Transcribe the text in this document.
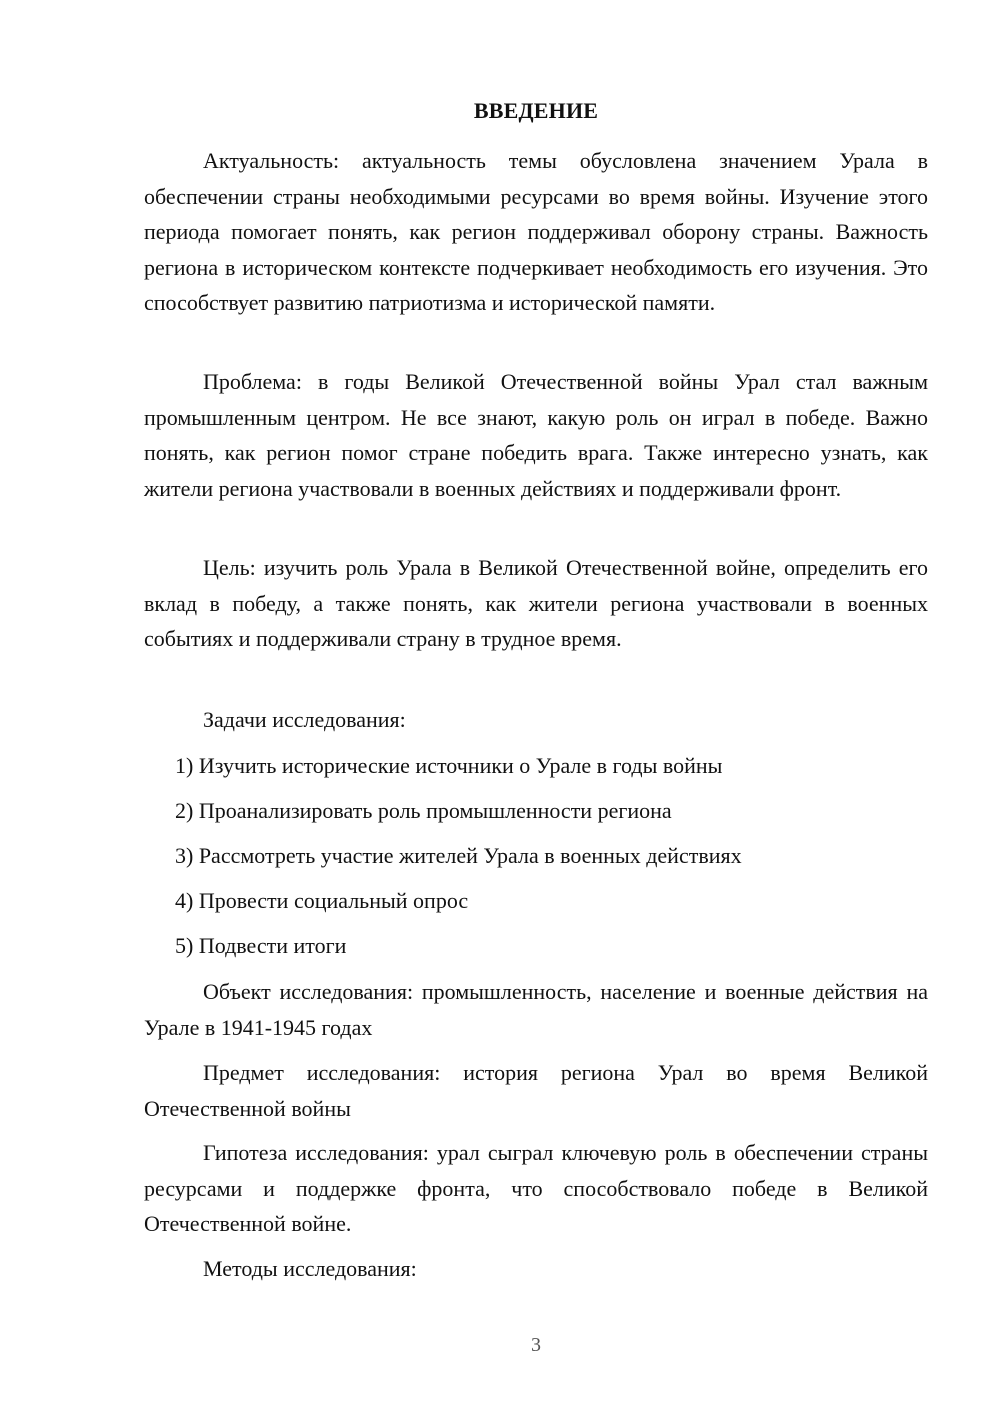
ВВЕДЕНИЕ

Актуальность: актуальность темы обусловлена значением Урала в обеспечении страны необходимыми ресурсами во время войны. Изучение этого периода помогает понять, как регион поддерживал оборону страны. Важность региона в историческом контексте подчеркивает необходимость его изучения. Это способствует развитию патриотизма и исторической памяти.

Проблема: в годы Великой Отечественной войны Урал стал важным промышленным центром. Не все знают, какую роль он играл в победе. Важно понять, как регион помог стране победить врага. Также интересно узнать, как жители региона участвовали в военных действиях и поддерживали фронт.

Цель: изучить роль Урала в Великой Отечественной войне, определить его вклад в победу, а также понять, как жители региона участвовали в военных событиях и поддерживали страну в трудное время.

Задачи исследования:

1) Изучить исторические источники о Урале в годы войны

2) Проанализировать роль промышленности региона

3) Рассмотреть участие жителей Урала в военных действиях

4) Провести социальный опрос

5) Подвести итоги

Объект исследования: промышленность, население и военные действия на Урале в 1941-1945 годах

Предмет исследования: история региона Урал во время Великой Отечественной войны

Гипотеза исследования: урал сыграл ключевую роль в обеспечении страны ресурсами и поддержке фронта, что способствовало победе в Великой Отечественной войне.

Методы исследования:

3
